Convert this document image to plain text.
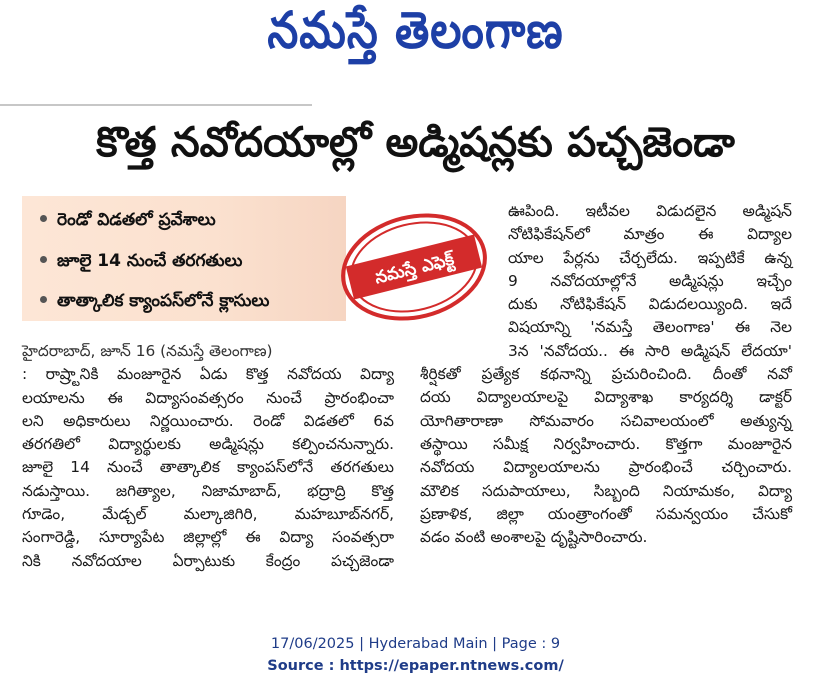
నమస్తే తెలంగాణ
కొత్త నవోదయాల్లో అడ్మిషన్లకు పచ్చజెండా
రెండో విడతలో ప్రవేశాలు
జూలై 14 నుంచే తరగతులు
తాత్కాలిక క్యాంపస్‌లోనే క్లాసులు
నమస్తే ఎఫెక్ట్

హైదరాబాద్, జూన్ 16 (నమస్తే తెలంగాణ)

: రాష్ర్టానికి మంజూరైన ఏడు కొత్త నవోదయ విద్యా

లయాలను ఈ విద్యాసంవత్సరం నుంచే ప్రారంభించా

లని అధికారులు నిర్ణయించారు. రెండో విడతలో 6వ

తరగతిలో విద్యార్థులకు అడ్మిషన్లు కల్పించనున్నారు.

జూలై 14 నుంచే తాత్కాలిక క్యాంపస్‌లోనే తరగతులు

నడుస్తాయి. జగిత్యాల, నిజామాబాద్, భద్రాద్రి కొత్త

గూడెం, మేడ్చల్ మల్కాజిగిరి, మహబూబ్‌నగర్,

సంగారెడ్డి, సూర్యాపేట జిల్లాల్లో ఈ విద్యా సంవత్సరా

నికి నవోదయాల ఏర్పాటుకు కేంద్రం పచ్చజెండా

ఊపింది. ఇటీవల విడుదలైన అడ్మిషన్

నోటిఫికేషన్‌లో మాత్రం ఈ విద్యాల

యాల పేర్లను చేర్చలేదు. ఇప్పటికే ఉన్న

9 నవోదయాల్లోనే అడ్మిషన్లు ఇచ్చేం

దుకు నోటిఫికేషన్ విడుదలయ్యింది. ఇదే

విషయాన్ని 'నమస్తే తెలంగాణ' ఈ నెల

3న 'నవోదయ.. ఈ సారి అడ్మిషన్ లేదయా'

శీర్షికతో ప్రత్యేక కథనాన్ని ప్రచురించింది. దీంతో నవో

దయ విద్యాలయాలపై విద్యాశాఖ కార్యదర్శి డాక్టర్

యోగితారాణా సోమవారం సచివాలయంలో అత్యున్న

తస్థాయి సమీక్ష నిర్వహించారు. కొత్తగా మంజూరైన

నవోదయ విద్యాలయాలను ప్రారంభించే చర్చించారు.

మౌలిక సదుపాయాలు, సిబ్బంది నియామకం, విద్యా

ప్రణాళిక, జిల్లా యంత్రాంగంతో సమన్వయం చేసుకో

వడం వంటి అంశాలపై దృష్టిసారించారు.

17/06/2025 | Hyderabad Main | Page : 9
Source : https://epaper.ntnews.com/
